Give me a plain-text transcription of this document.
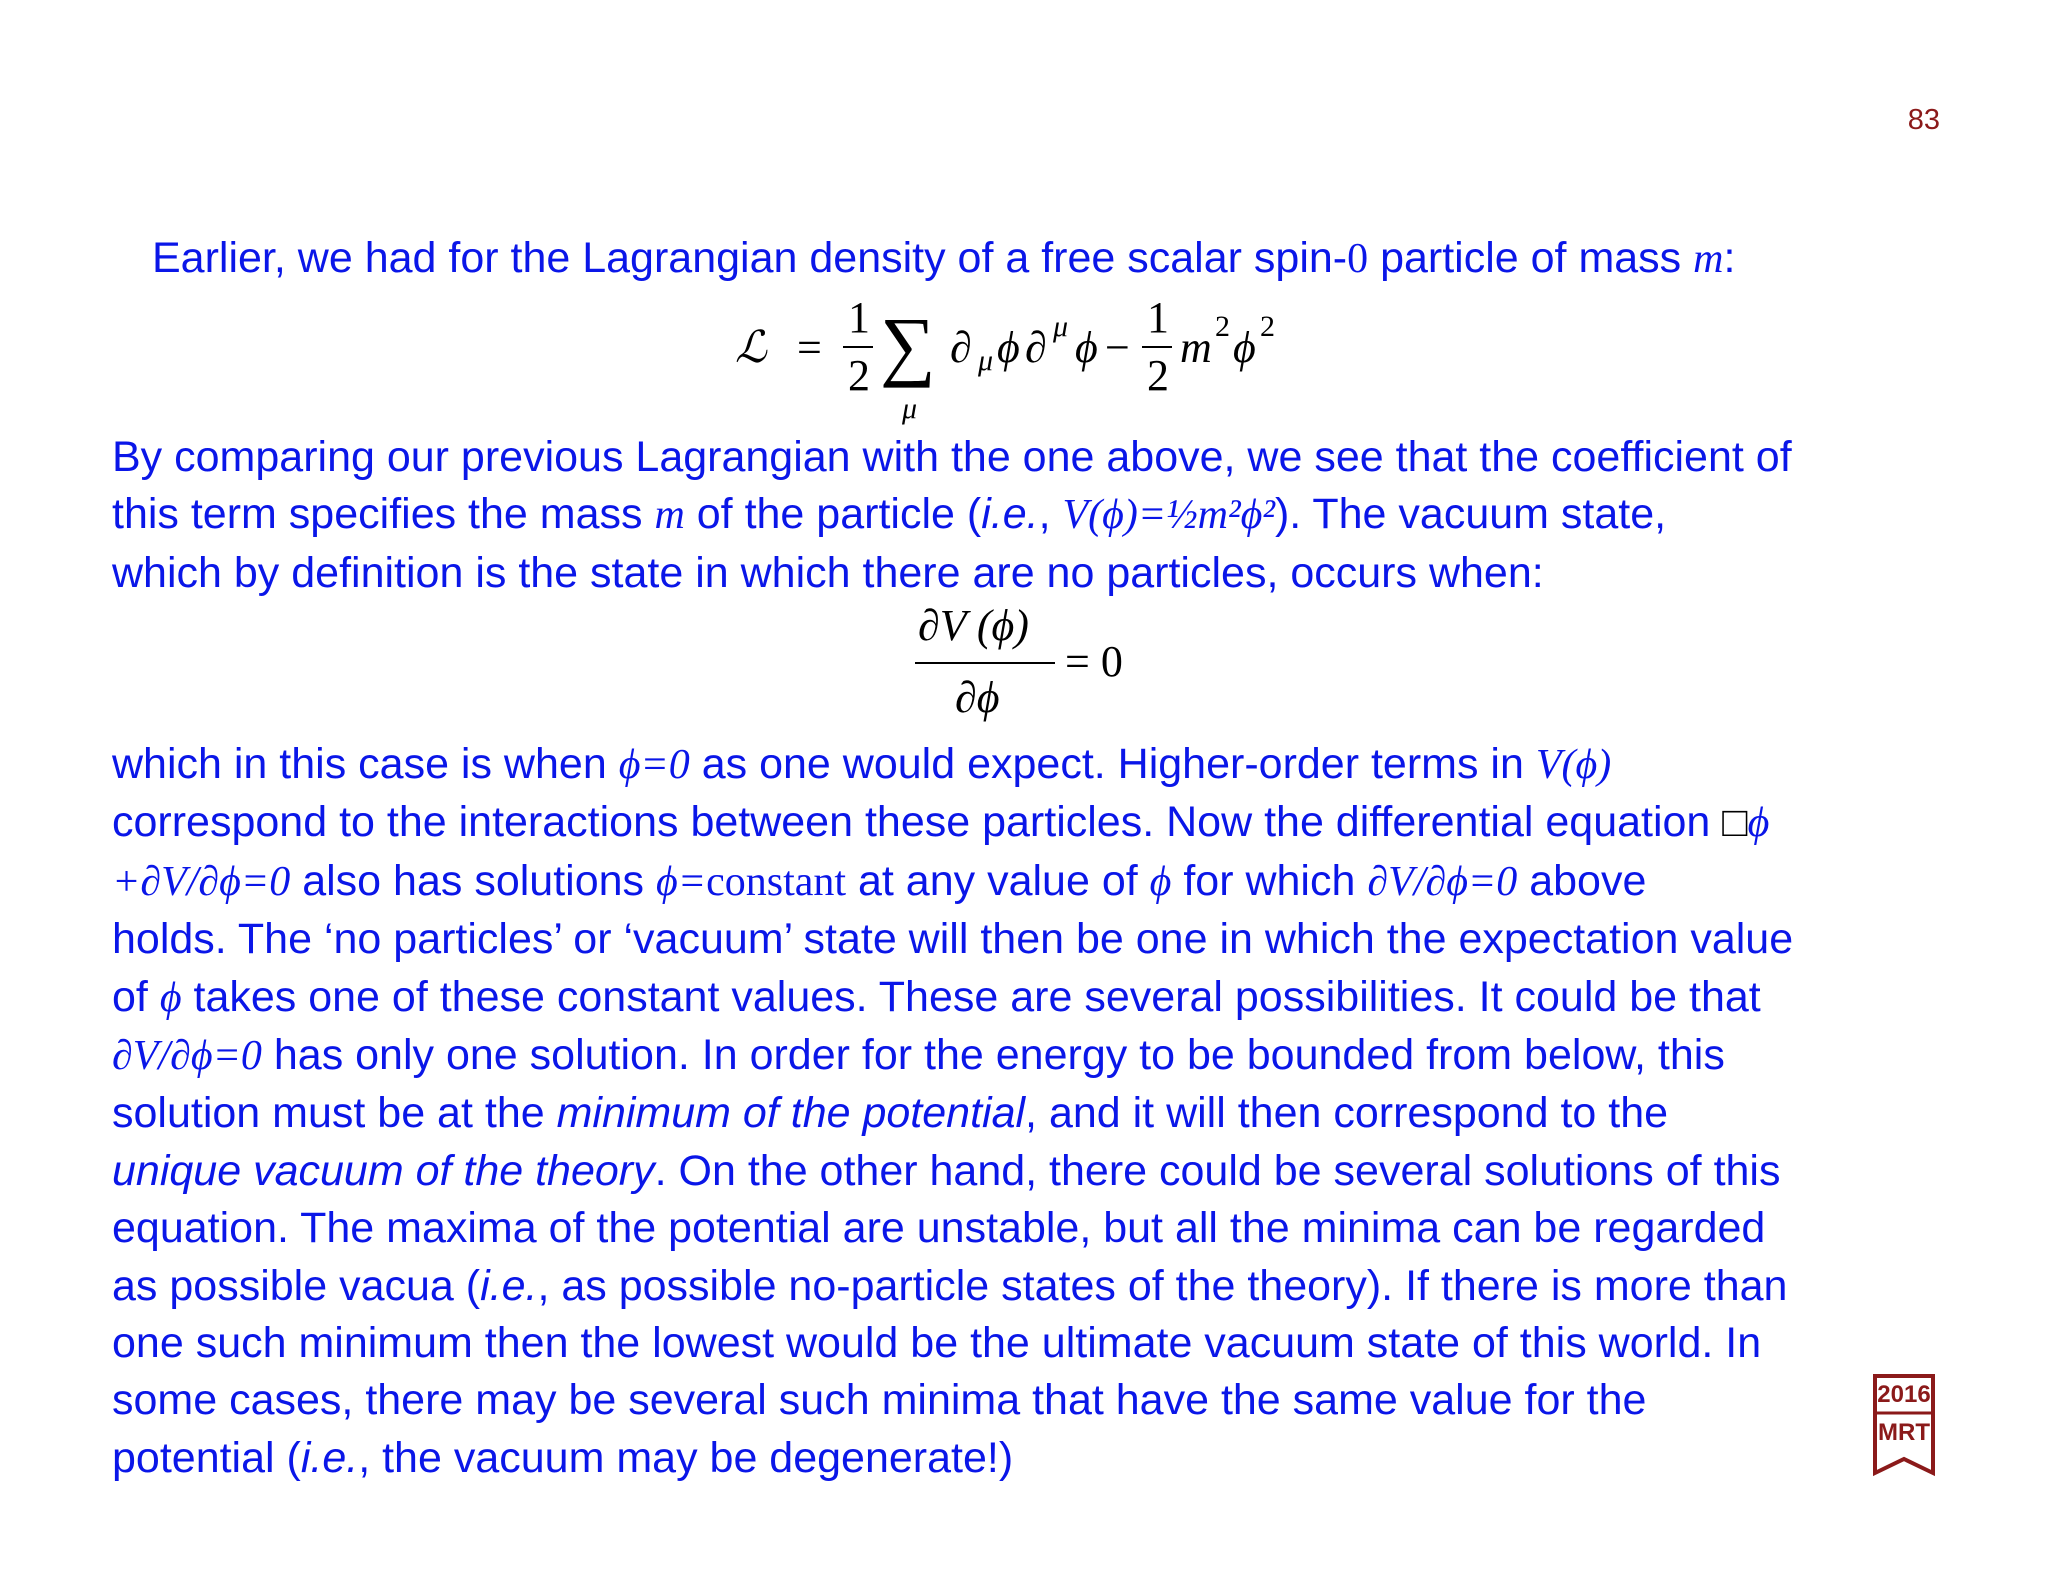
83
Earlier, we had for the Lagrangian density of a free scalar spin-0 particle of mass m:
ℒ =
1
2 ∑
μ
∂ μ ϕ ∂ μ ϕ −
1
2
m 2 ϕ 2
By comparing our previous Lagrangian with the one above, we see that the coefficient of
this term specifies the mass m of the particle (i.e., V(ϕ)=½m²ϕ²). The vacuum state,
which by definition is the state in which there are no particles, occurs when:
∂V (ϕ)
∂ϕ
= 0
which in this case is when ϕ=0 as one would expect. Higher-order terms in V(ϕ)
correspond to the interactions between these particles. Now the differential equation □ϕ
+∂V/∂ϕ=0 also has solutions ϕ=constant at any value of ϕ for which ∂V/∂ϕ=0 above
holds. The ‘no particles’ or ‘vacuum’ state will then be one in which the expectation value
of ϕ takes one of these constant values. These are several possibilities. It could be that
∂V/∂ϕ=0 has only one solution. In order for the energy to be bounded from below, this
solution must be at the minimum of the potential, and it will then correspond to the
unique vacuum of the theory. On the other hand, there could be several solutions of this
equation. The maxima of the potential are unstable, but all the minima can be regarded
as possible vacua (i.e., as possible no-particle states of the theory). If there is more than
one such minimum then the lowest would be the ultimate vacuum state of this world. In
some cases, there may be several such minima that have the same value for the
potential (i.e., the vacuum may be degenerate!)
2016
MRT
